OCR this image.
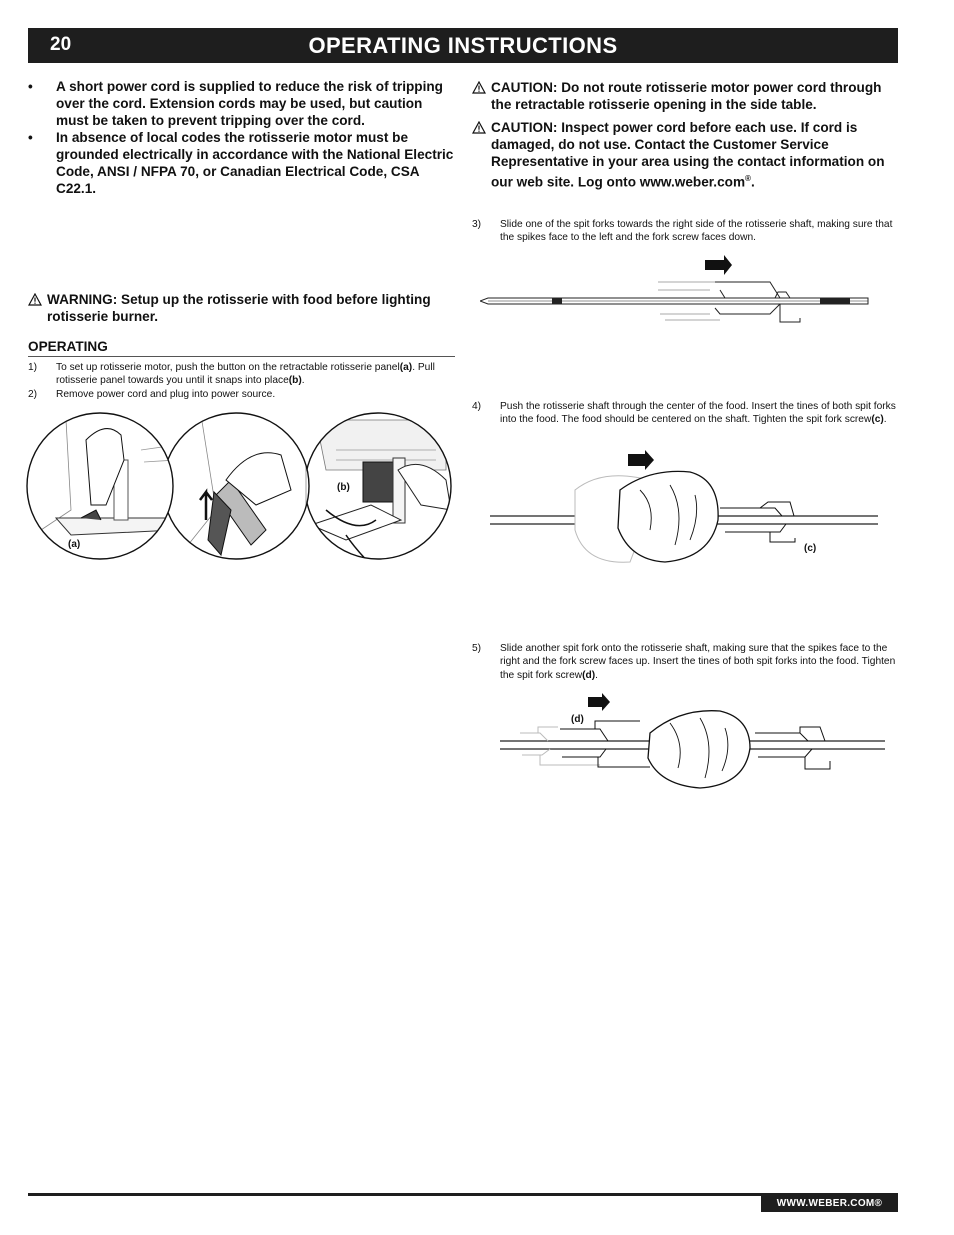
20	OPERATING INSTRUCTIONS
• A short power cord is supplied to reduce the risk of tripping over the cord. Extension cords may be used, but caution must be taken to prevent tripping over the cord.
• In absence of local codes the rotisserie motor must be grounded electrically in accordance with the National Electric Code, ANSI / NFPA 70, or Canadian Electrical Code, CSA C22.1.
WARNING: Setup up the rotisserie with food before lighting rotisserie burner.
OPERATING
1) To set up rotisserie motor, push the button on the retractable rotisserie panel(a). Pull rotisserie panel towards you until it snaps into place(b).
2) Remove power cord and plug into power source.
(a)
(b)
CAUTION: Do not route rotisserie motor power cord through the retractable rotisserie opening in the side table.
CAUTION: Inspect power cord before each use. If cord is damaged, do not use. Contact the Customer Service Representative in your area using the contact information on our web site. Log onto www.weber.com®.
3) Slide one of the spit forks towards the right side of the rotisserie shaft, making sure that the spikes face to the left and the fork screw faces down.
4) Push the rotisserie shaft through the center of the food. Insert the tines of both spit forks into the food. The food should be centered on the shaft. Tighten the spit fork screw(c).
5) Slide another spit fork onto the rotisserie shaft, making sure that the spikes face to the right and the fork screw faces up. Insert the tines of both spit forks into the food. Tighten the spit fork screw(d).
(c)
(d)
WWW.WEBER.COM®
